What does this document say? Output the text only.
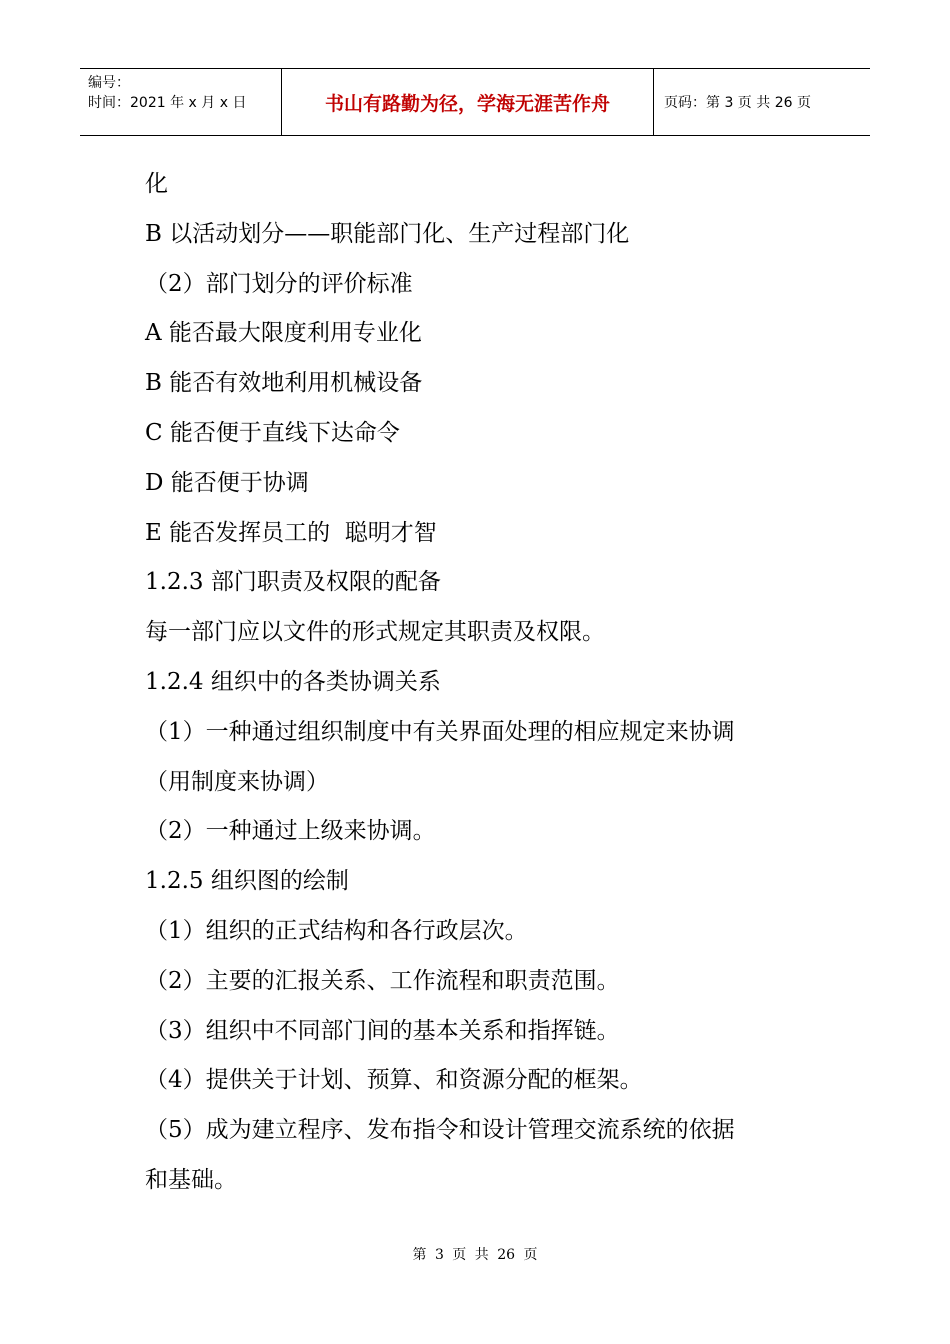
编号：
时间：2021 年 x 月 x 日	书山有路勤为径，学海无涯苦作舟	页码：第 3 页 共 26 页
化
B 以活动划分——职能部门化、生产过程部门化
（2）部门划分的评价标准
A 能否最大限度利用专业化
B 能否有效地利用机械设备
C 能否便于直线下达命令
D 能否便于协调
E 能否发挥员工的  聪明才智
1.2.3 部门职责及权限的配备
每一部门应以文件的形式规定其职责及权限。
1.2.4 组织中的各类协调关系
（1）一种通过组织制度中有关界面处理的相应规定来协调
（用制度来协调）
（2）一种通过上级来协调。
1.2.5 组织图的绘制
（1）组织的正式结构和各行政层次。
（2）主要的汇报关系、工作流程和职责范围。
（3）组织中不同部门间的基本关系和指挥链。
（4）提供关于计划、预算、和资源分配的框架。
（5）成为建立程序、发布指令和设计管理交流系统的依据
和基础。
第 3 页 共 26 页
